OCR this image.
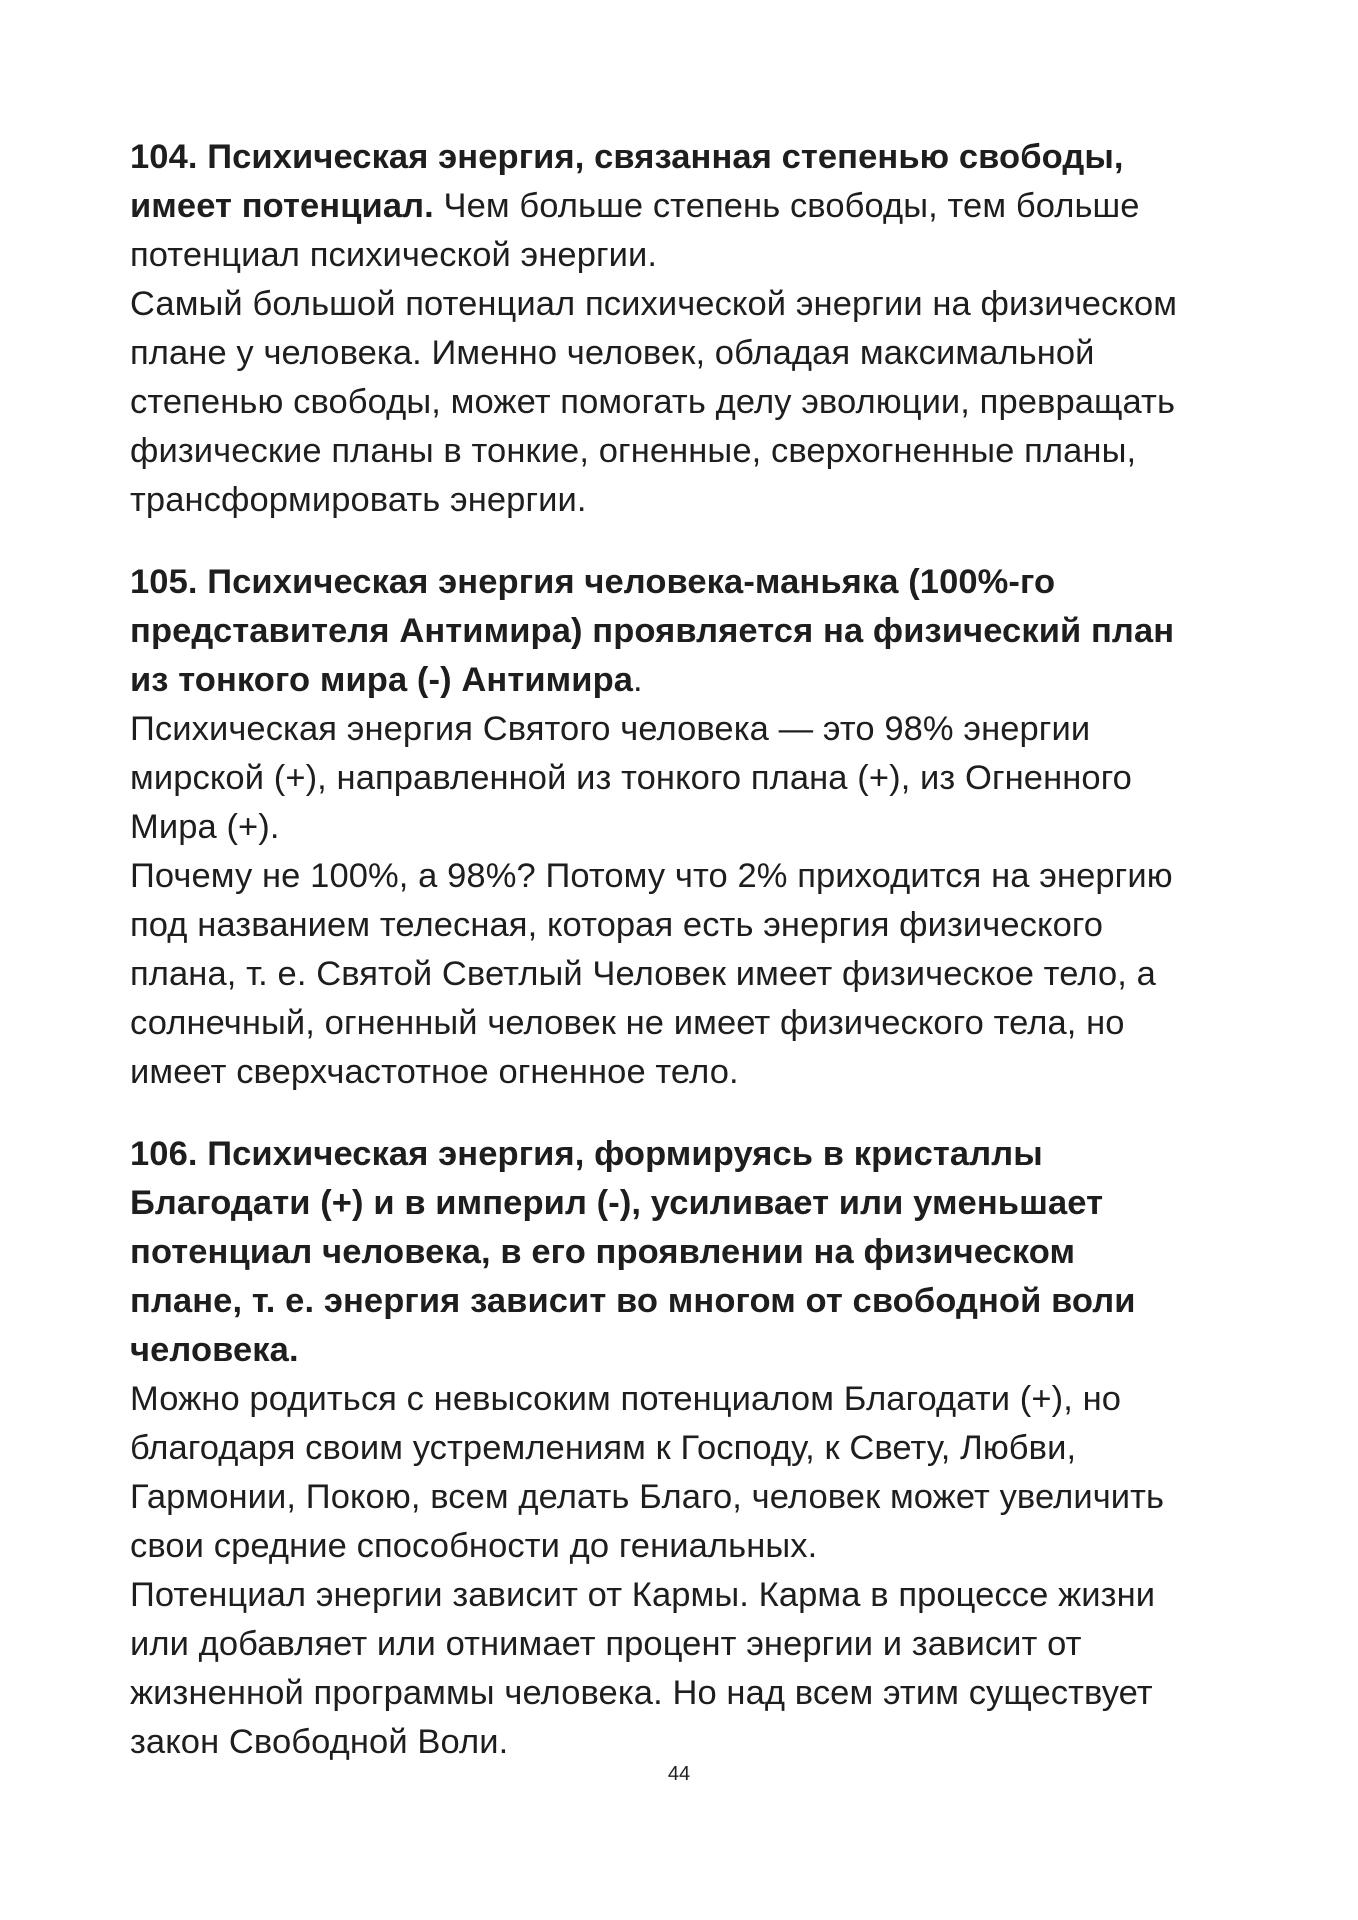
104. Психическая энергия, связанная степенью свободы,
имеет потенциал. Чем больше степень свободы, тем больше
потенциал психической энергии.

Самый большой потенциал психической энергии на физическом
плане у человека. Именно человек, обладая максимальной
степенью свободы, может помогать делу эволюции, превращать
физические планы в тонкие, огненные, сверхогненные планы,
трансформировать энергии.

105. Психическая энергия человека-маньяка (100%-го
представителя Антимира) проявляется на физический план
из тонкого мира (-) Антимира.

Психическая энергия Святого человека — это 98% энергии
мирской (+), направленной из тонкого плана (+), из Огненного
Мира (+).

Почему не 100%, а 98%? Потому что 2% приходится на энергию
под названием телесная, которая есть энергия физического
плана, т. е. Святой Светлый Человек имеет физическое тело, а
солнечный, огненный человек не имеет физического тела, но
имеет сверхчастотное огненное тело.

106. Психическая энергия, формируясь в кристаллы
Благодати (+) и в империл (-), усиливает или уменьшает
потенциал человека, в его проявлении на физическом
плане, т. е. энергия зависит во многом от свободной воли
человека.

Можно родиться с невысоким потенциалом Благодати (+), но
благодаря своим устремлениям к Господу, к Свету, Любви,
Гармонии, Покою, всем делать Благо, человек может увеличить
свои средние способности до гениальных.

Потенциал энергии зависит от Кармы. Карма в процессе жизни
или добавляет или отнимает процент энергии и зависит от
жизненной программы человека. Но над всем этим существует
закон Свободной Воли.

44
